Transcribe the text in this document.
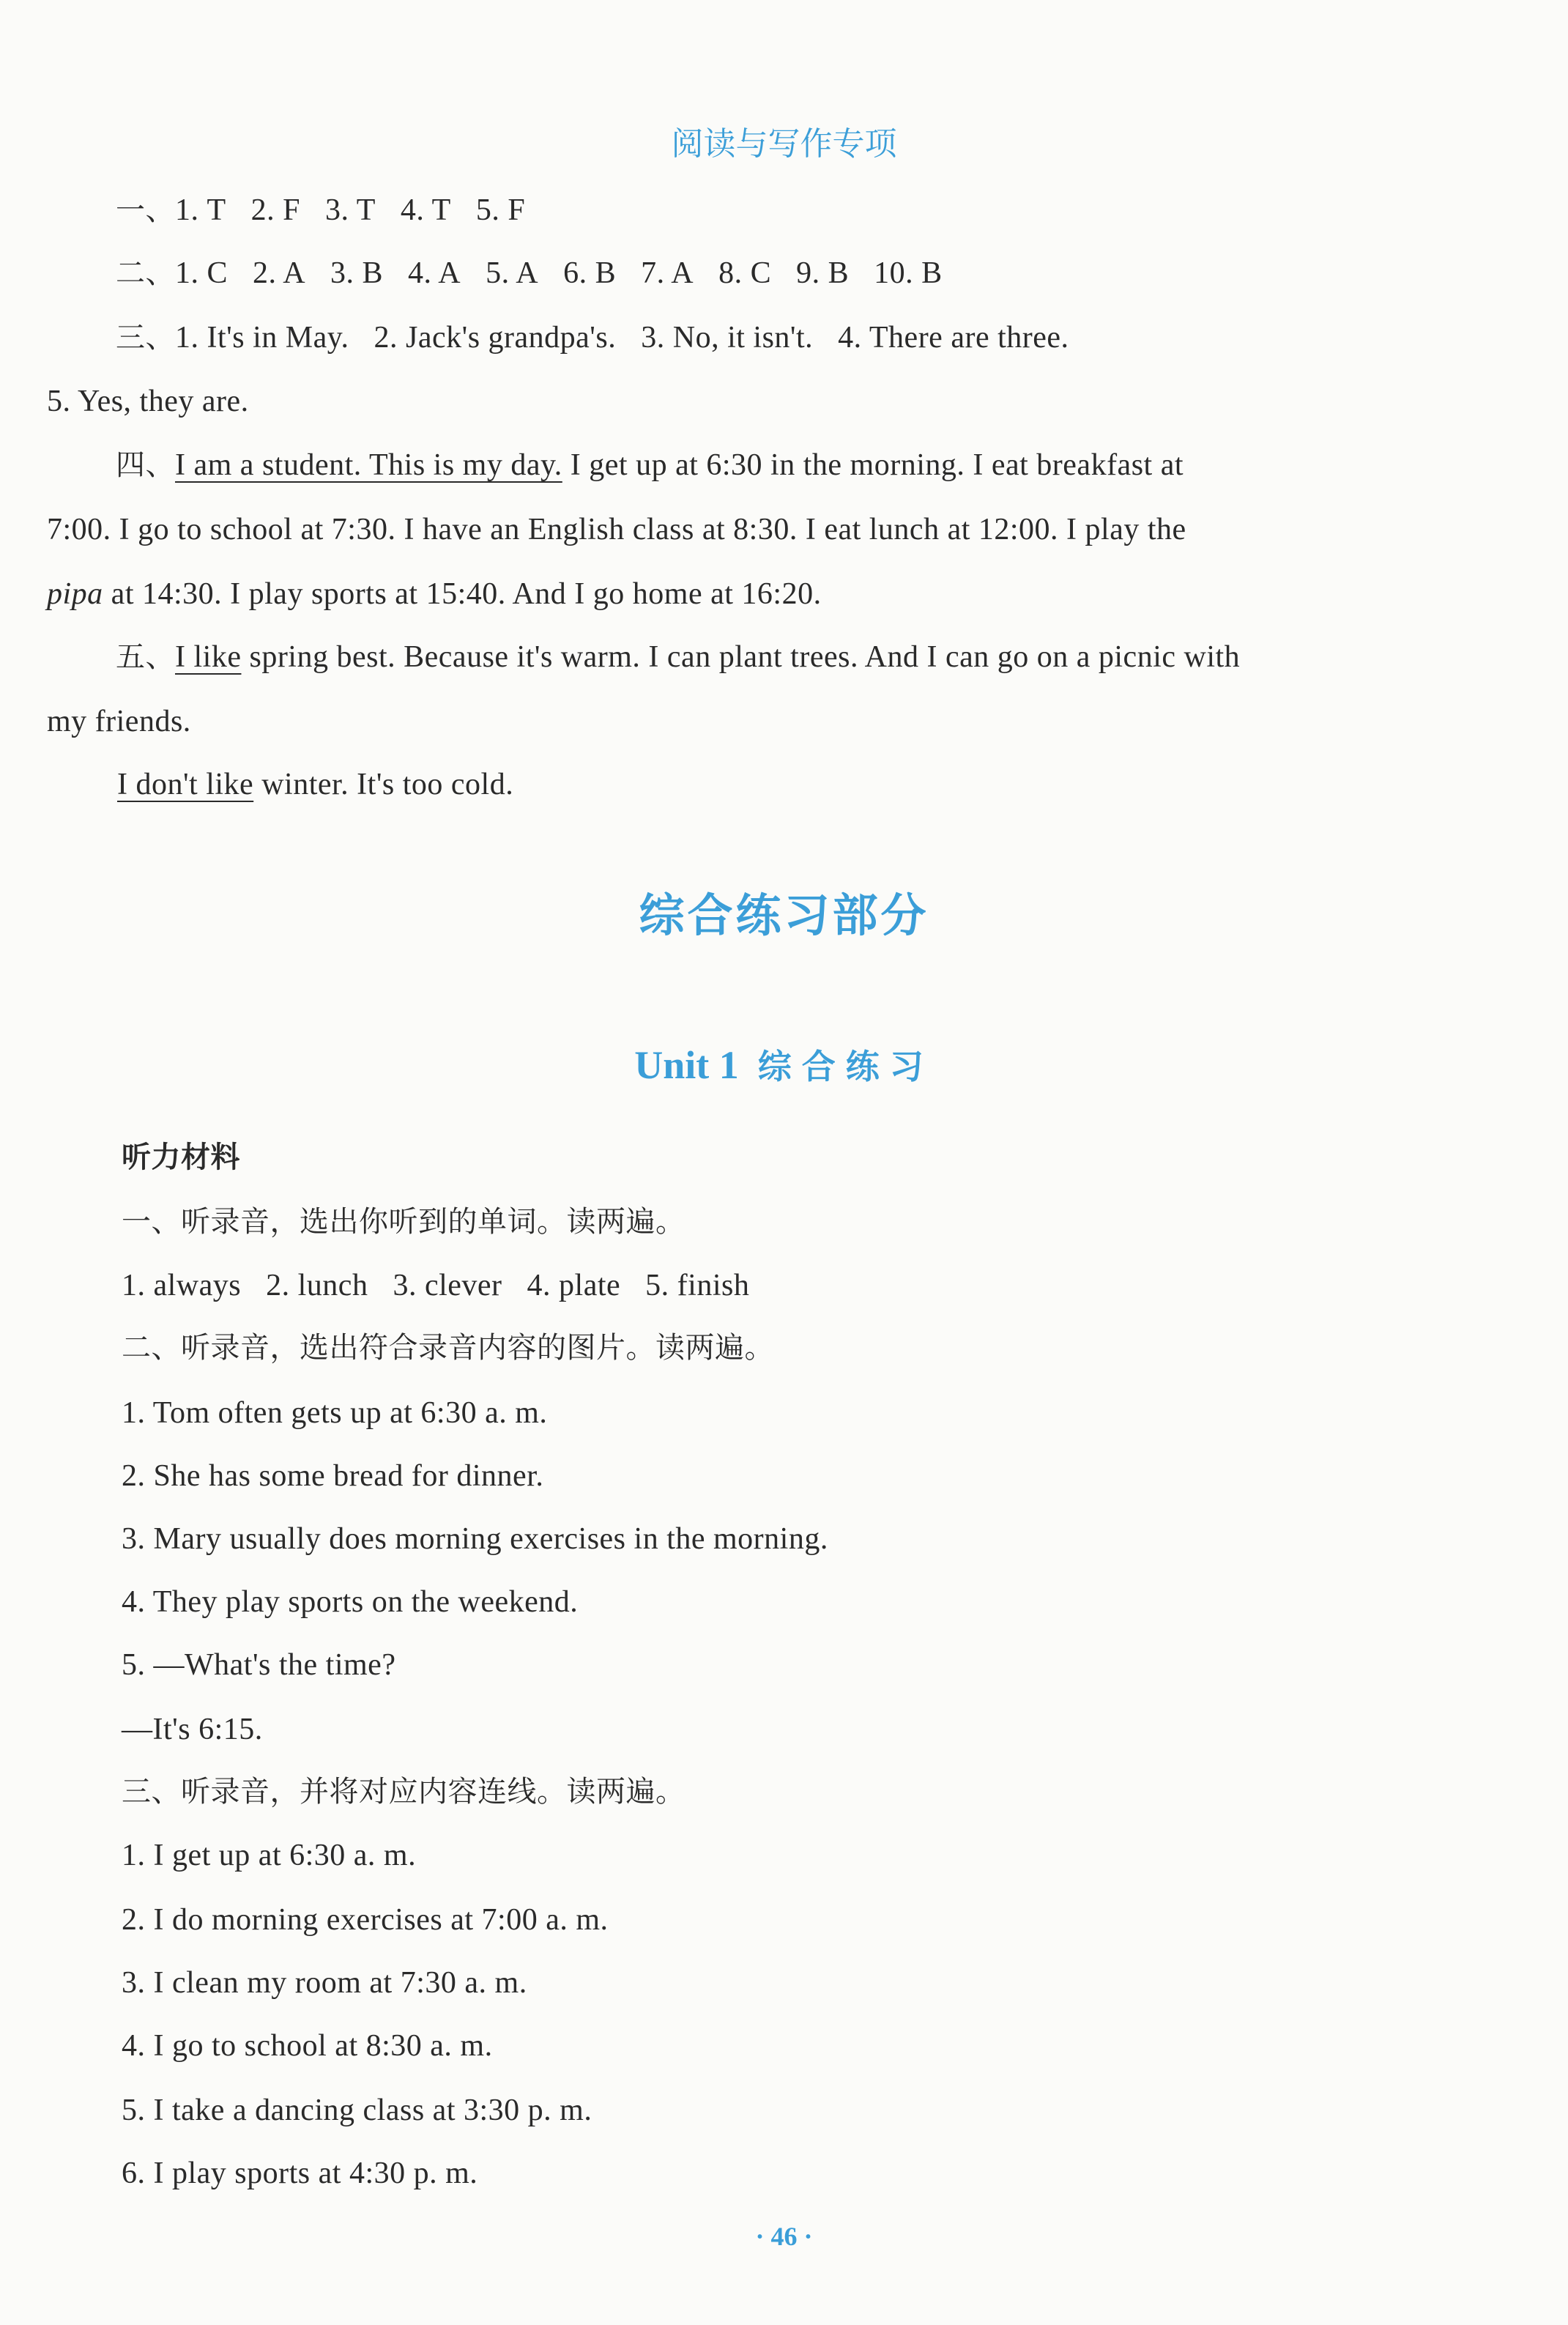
阅读与写作专项
一、1. T 2. F 3. T 4. T 5. F
二、1. C 2. A 3. B 4. A 5. A 6. B 7. A 8. C 9. B 10. B
三、1. It's in May. 2. Jack's grandpa's. 3. No, it isn't. 4. There are three.
5. Yes, they are.
四、I am a student. This is my day. I get up at 6:30 in the morning. I eat breakfast at
7:00. I go to school at 7:30. I have an English class at 8:30. I eat lunch at 12:00. I play the
pipa at 14:30. I play sports at 15:40. And I go home at 16:20.
五、I like spring best. Because it's warm. I can plant trees. And I can go on a picnic with
my friends.
I don't like winter. It's too cold.
综合练习部分
Unit 1 综合练习
听力材料
一、听录音，选出你听到的单词。读两遍。
1. always 2. lunch 3. clever 4. plate 5. finish
二、听录音，选出符合录音内容的图片。读两遍。
1. Tom often gets up at 6:30 a. m.
2. She has some bread for dinner.
3. Mary usually does morning exercises in the morning.
4. They play sports on the weekend.
5. —What's the time?
—It's 6:15.
三、听录音，并将对应内容连线。读两遍。
1. I get up at 6:30 a. m.
2. I do morning exercises at 7:00 a. m.
3. I clean my room at 7:30 a. m.
4. I go to school at 8:30 a. m.
5. I take a dancing class at 3:30 p. m.
6. I play sports at 4:30 p. m.
· 46 ·
